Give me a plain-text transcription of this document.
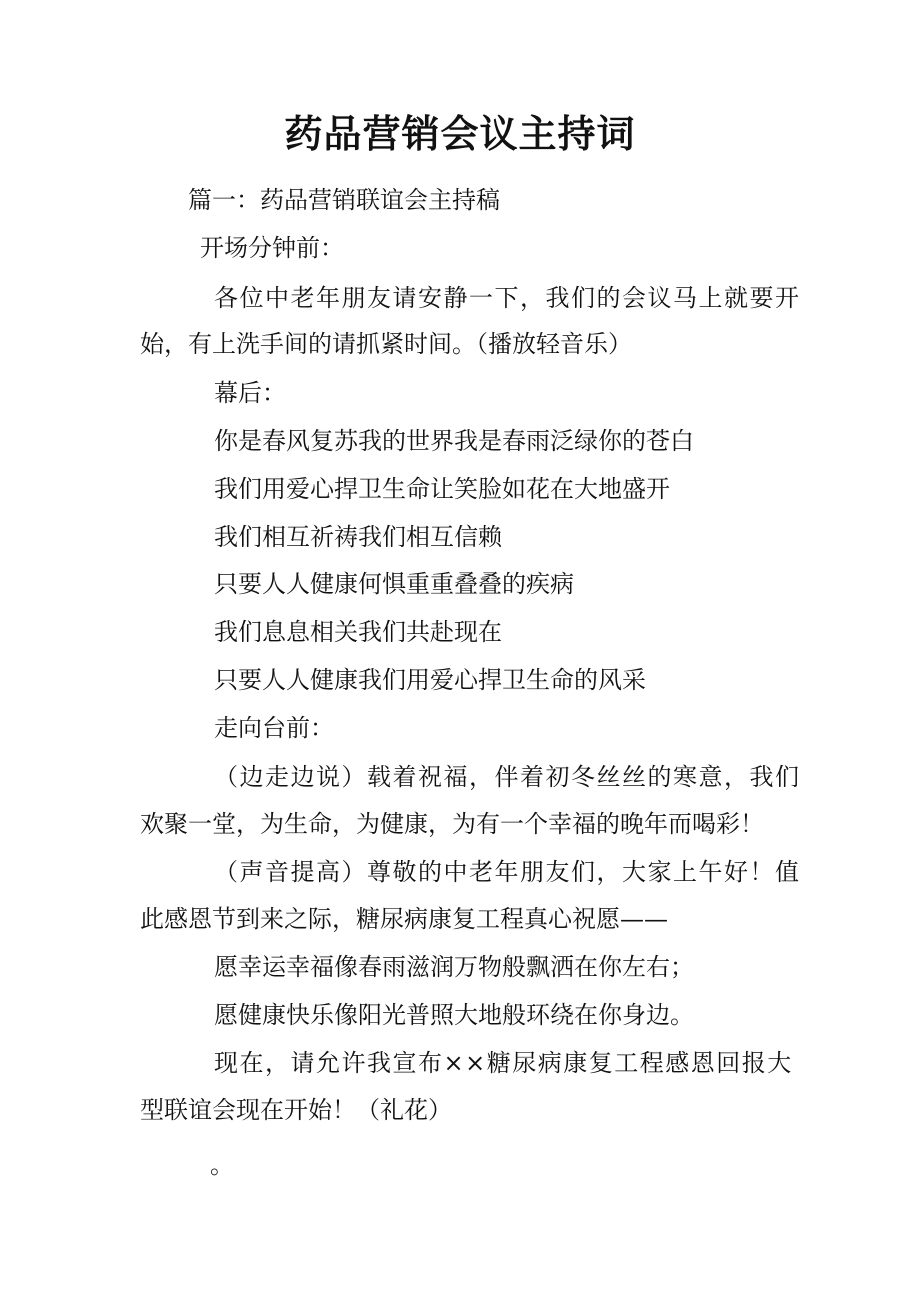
药品营销会议主持词
篇一：药品营销联谊会主持稿
开场分钟前：
各位中老年朋友请安静一下，我们的会议马上就要开
始，有上洗手间的请抓紧时间。（播放轻音乐）
幕后：
你是春风复苏我的世界我是春雨泛绿你的苍白
我们用爱心捍卫生命让笑脸如花在大地盛开
我们相互祈祷我们相互信赖
只要人人健康何惧重重叠叠的疾病
我们息息相关我们共赴现在
只要人人健康我们用爱心捍卫生命的风采
走向台前：
（边走边说）载着祝福，伴着初冬丝丝的寒意，我们
欢聚一堂，为生命，为健康，为有一个幸福的晚年而喝彩！
（声音提高）尊敬的中老年朋友们，大家上午好！值
此感恩节到来之际，糖尿病康复工程真心祝愿——
愿幸运幸福像春雨滋润万物般飘洒在你左右；
愿健康快乐像阳光普照大地般环绕在你身边。
现在，请允许我宣布××糖尿病康复工程感恩回报大
型联谊会现在开始！（礼花）
。
